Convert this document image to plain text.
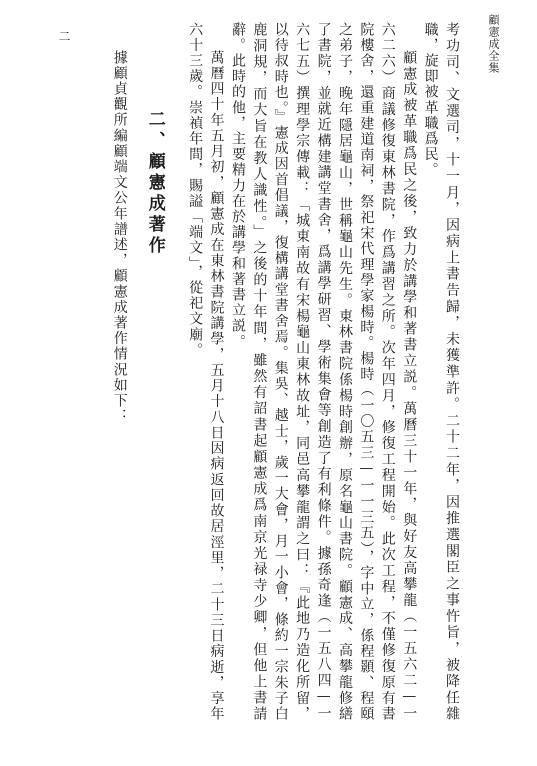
顧憲成全集
二	考功司、文選司，十一月，因病上書告歸，未獲準許。二十二年，因推選閣臣之事忤旨，被降任雜職，旋即被革職爲民。

顧憲成被革職爲民之後，致力於講學和著書立説。萬曆三十一年，與好友高攀龍（一五六二—一六二六）商議修復東林書院，作爲講習之所。次年四月，修復工程開始。此次工程，不僅修復原有書院樓舍，還重建道南祠，祭祀宋代理學家楊時。楊時（一〇五三—一一三五），字中立，係程顥、程頤之弟子，晚年隱居龜山，世稱龜山先生。東林書院係楊時創辦，原名龜山書院。顧憲成、高攀龍修繕了書院，並就近構建講堂書舍，爲講學研習、學術集會等創造了有利條件。據孫奇逢（一五八四—一六七五）撰理學宗傳載：「城東南故有宋楊龜山東林故址，同邑高攀龍謂之曰：『此地乃造化所留，以待叔時也。』憲成因首倡議，復構講堂書舍焉。集吳、越士，歲一大會，月一小會，條約一宗朱子白鹿洞規，而大旨在教人識性。」之後的十年間，雖然有詔書起顧憲成爲南京光禄寺少卿，但他上書請辭。此時的他，主要精力在於講學和著書立説。

萬曆四十年五月初，顧憲成在東林書院講學，五月十八日因病返回故居涇里，二十三日病逝，享年六十三歲。崇禎年間，賜謚「端文」，從祀文廟。

二、顧憲成著作

據顧貞觀所編顧端文公年譜述，顧憲成著作情況如下：
